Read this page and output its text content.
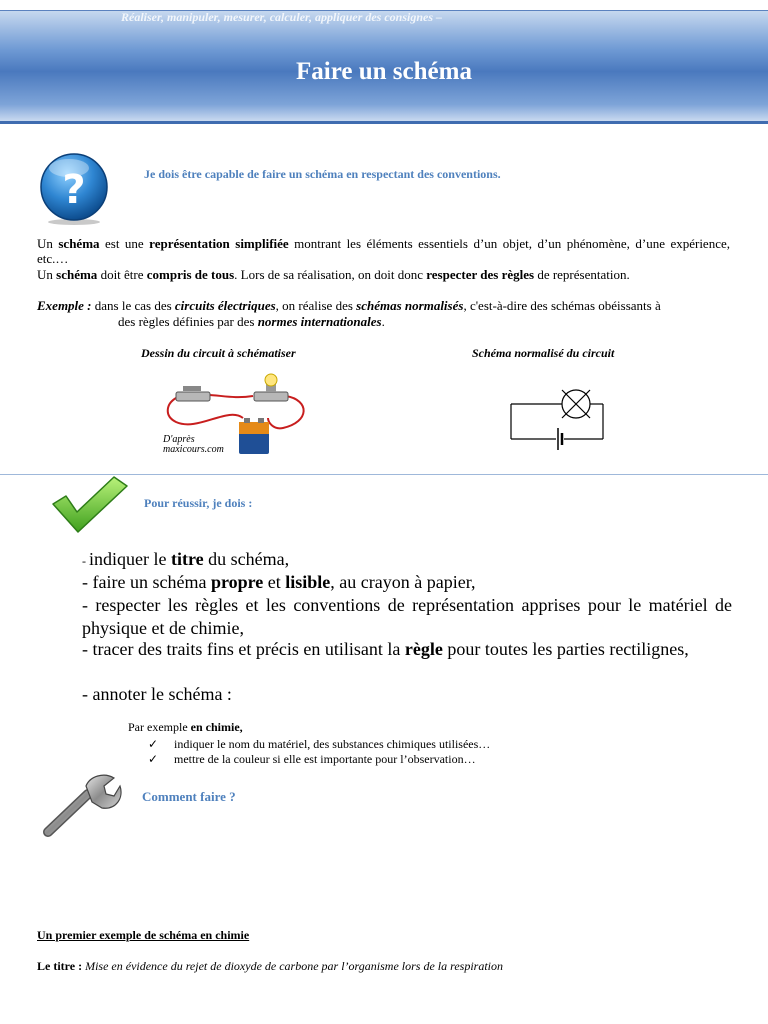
Réaliser, manipuler, mesurer, calculer, appliquer des consignes –
Faire un schéma
?	Je dois être capable de faire un schéma en respectant des conventions.
Un schéma est une représentation simplifiée montrant les éléments essentiels d’un objet, d’un phénomène, d’une expérience, etc.…
Un schéma doit être compris de tous. Lors de sa réalisation, on doit donc respecter des règles de représentation.
Exemple : dans le cas des circuits électriques, on réalise des schémas normalisés, c'est-à-dire des schémas obéissants à
des règles définies par des normes internationales.
Dessin du circuit à schématiser	Schéma normalisé du circuit
D'après
maxicours.com
Pour réussir, je dois :
- indiquer le titre du schéma,
- faire un schéma propre et lisible, au crayon à papier,
- respecter les règles et les conventions de représentation apprises pour le matériel de physique et de chimie,
- tracer des traits fins et précis en utilisant la règle pour toutes les parties rectilignes,
- annoter le schéma :
Par exemple en chimie,
✓ indiquer le nom du matériel, des substances chimiques utilisées…
✓ mettre de la couleur si elle est importante pour l’observation…
Comment faire ?
Un premier exemple de schéma en chimie
Le titre : Mise en évidence du rejet de dioxyde de carbone par l’organisme lors de la respiration
